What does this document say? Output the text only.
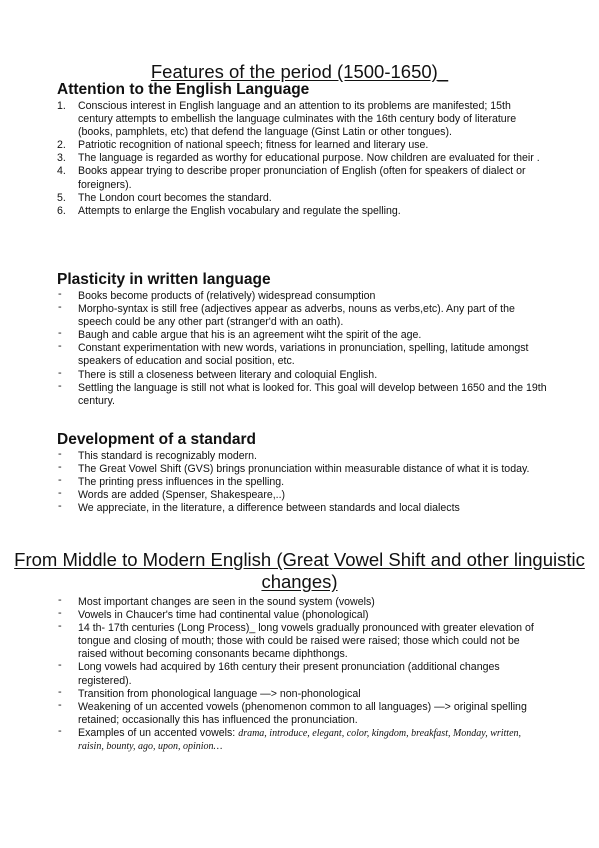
Features of the period (1500-1650)_
Attention to the English Language
1. Conscious interest in English language and an attention to its problems are manifested; 15th century attempts to embellish the language culminates with the 16th century body of literature (books, pamphlets, etc) that defend the language (Ginst Latin or other tongues).
2. Patriotic recognition of national speech; fitness for learned and literary use.
3. The language is regarded as worthy for educational purpose. Now children are evaluated for their .
4. Books appear trying to describe proper pronunciation of English (often for speakers of dialect or foreigners).
5. The London court becomes the standard.
6. Attempts to enlarge the English vocabulary and regulate the spelling.
Plasticity in written language
- Books become products of (relatively) widespread consumption
- Morpho-syntax is still free (adjectives appear as adverbs, nouns as verbs,etc). Any part of the speech could be any other part (stranger'd with an oath).
- Baugh and cable argue that his is an agreement wiht the spirit of the age.
- Constant experimentation with new words, variations in pronunciation, spelling, latitude amongst speakers of education and social position, etc.
- There is still a closeness between literary and coloquial English.
- Settling the language is still not what is looked for. This goal will develop between 1650 and the 19th century.
Development of a standard
- This standard is recognizably modern.
- The Great Vowel Shift (GVS) brings pronunciation within measurable distance of what it is today.
- The printing press influences in the spelling.
- Words are added (Spenser, Shakespeare,..)
- We appreciate, in the literature, a difference between standards and local dialects
From Middle to Modern English (Great Vowel Shift and other linguistic changes)
- Most important changes are seen in the sound system (vowels)
- Vowels in Chaucer's time had continental value (phonological)
- 14 th- 17th centuries (Long Process)_ long vowels gradually pronounced with greater elevation of tongue and closing of mouth; those with could be raised were raised; those which could not be raised without becoming consonants became diphthongs.
- Long vowels had acquired by 16th century their present pronunciation (additional changes registered).
- Transition from phonological language —> non-phonological
- Weakening of un accented vowels (phenomenon common to all languages) —> original spelling retained; occasionally this has influenced the pronunciation.
- Examples of un accented vowels: drama, introduce, elegant, color, kingdom, breakfast, Monday, written, raisin, bounty, ago, upon, opinion…
